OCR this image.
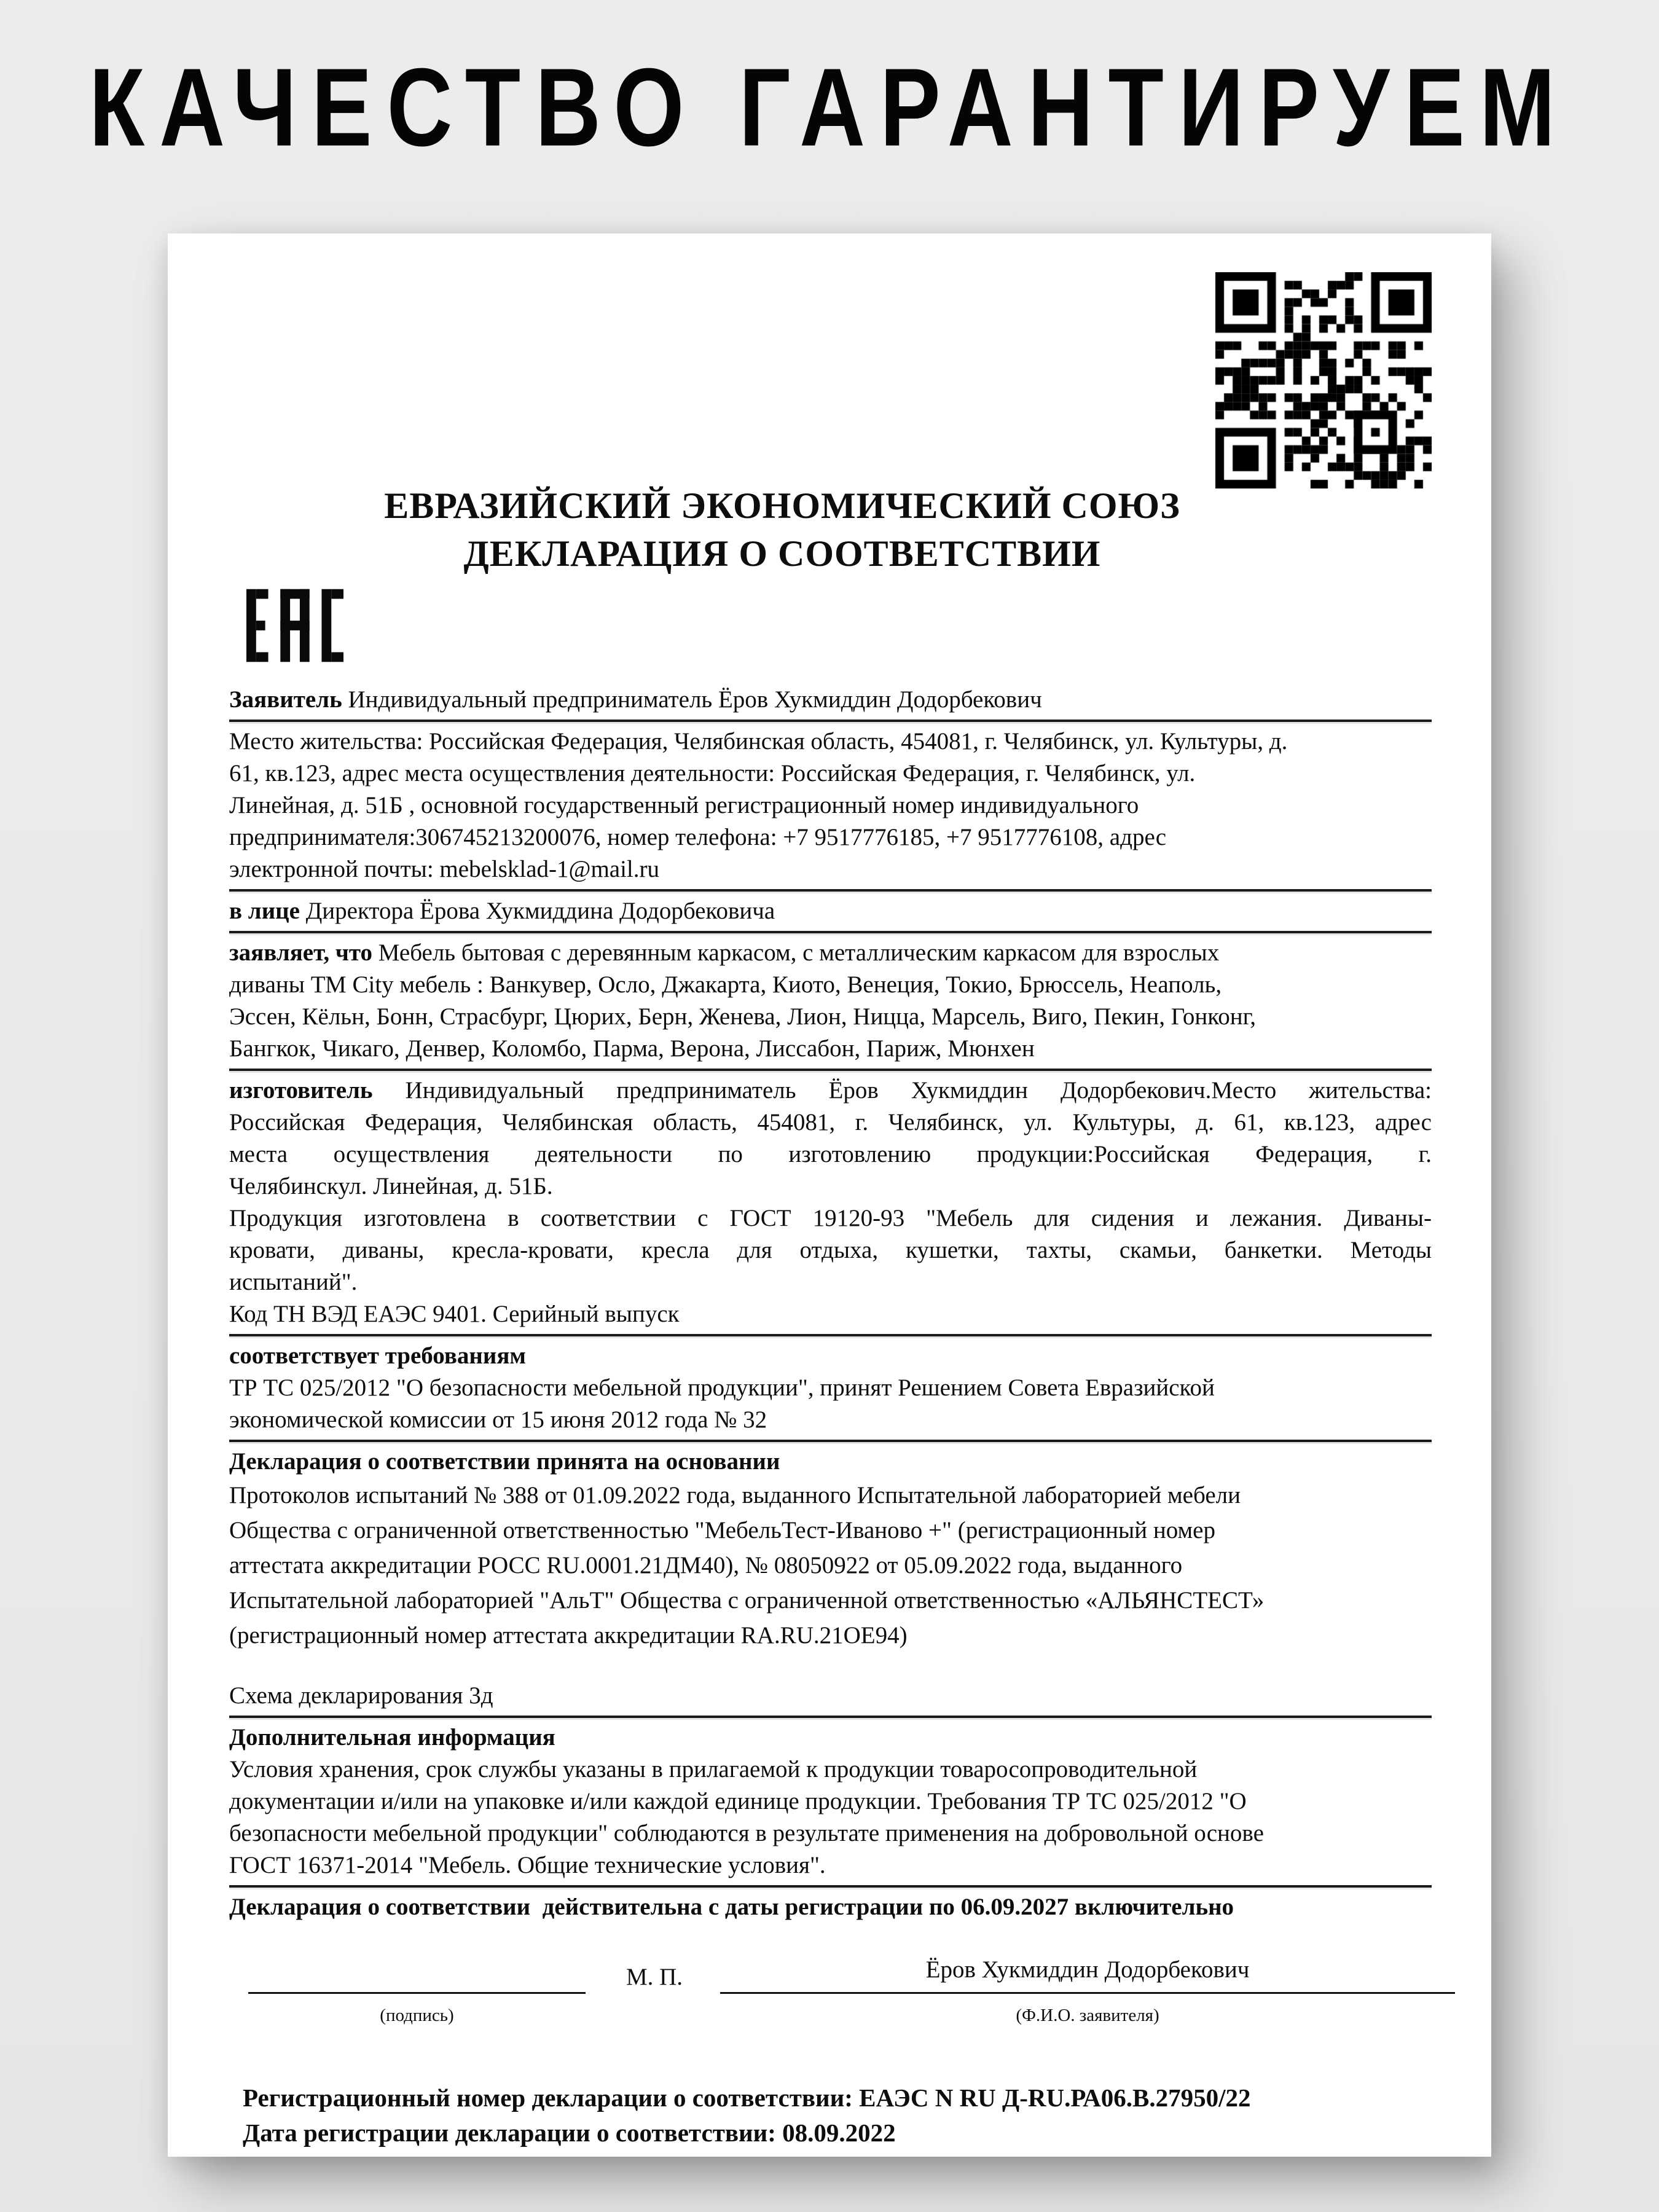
КАЧЕСТВО ГАРАНТИРУЕМ
ЕВРАЗИЙСКИЙ ЭКОНОМИЧЕСКИЙ СОЮЗ
ДЕКЛАРАЦИЯ О СООТВЕТСТВИИ
Заявитель Индивидуальный предприниматель Ёров Хукмиддин Додорбекович
Место жительства: Российская Федерация, Челябинская область, 454081, г. Челябинск, ул. Культуры, д.
61, кв.123, адрес места осуществления деятельности: Российская Федерация, г. Челябинск, ул.
Линейная, д. 51Б , основной государственный регистрационный номер индивидуального
предпринимателя:306745213200076, номер телефона: +7 9517776185, +7 9517776108, адрес
электронной почты: mebelsklad-1@mail.ru
в лице Директора Ёрова Хукмиддина Додорбековича
заявляет, что Мебель бытовая с деревянным каркасом, с металлическим каркасом для взрослых
диваны ТМ City мебель : Ванкувер, Осло, Джакарта, Киото, Венеция, Токио, Брюссель, Неаполь,
Эссен, Кёльн, Бонн, Страсбург, Цюрих, Берн, Женева, Лион, Ницца, Марсель, Виго, Пекин, Гонконг,
Бангкок, Чикаго, Денвер, Коломбо, Парма, Верона, Лиссабон, Париж, Мюнхен
изготовитель Индивидуальный предприниматель Ёров Хукмиддин Додорбекович.Место жительства:
Российская Федерация, Челябинская область, 454081, г. Челябинск, ул. Культуры, д. 61, кв.123, адрес
места осуществления деятельности по изготовлению продукции:Российская Федерация, г.
Челябинскул. Линейная, д. 51Б.
Продукция изготовлена в соответствии с ГОСТ 19120-93 "Мебель для сидения и лежания. Диваны-
кровати, диваны, кресла-кровати, кресла для отдыха, кушетки, тахты, скамьи, банкетки. Методы
испытаний".
Код ТН ВЭД ЕАЭС 9401. Серийный выпуск
соответствует требованиям
ТР ТС 025/2012 "О безопасности мебельной продукции", принят Решением Совета Евразийской
экономической комиссии от 15 июня 2012 года № 32
Декларация о соответствии принята на основании
Протоколов испытаний № 388 от 01.09.2022 года, выданного Испытательной лабораторией мебели
Общества с ограниченной ответственностью "МебельТест-Иваново +" (регистрационный номер
аттестата аккредитации РОСС RU.0001.21ДМ40), № 08050922 от 05.09.2022 года, выданного
Испытательной лабораторией "АльТ" Общества с ограниченной ответственностью «АЛЬЯНСТЕСТ»
(регистрационный номер аттестата аккредитации RA.RU.21ОЕ94)
Схема декларирования 3д
Дополнительная информация
Условия хранения, срок службы указаны в прилагаемой к продукции товаросопроводительной
документации и/или на упаковке и/или каждой единице продукции. Требования ТР ТС 025/2012 "О
безопасности мебельной продукции" соблюдаются в результате применения на добровольной основе
ГОСТ 16371-2014 "Мебель. Общие технические условия".
Декларация о соответствии  действительна с даты регистрации по 06.09.2027 включительно
Ёров Хукмиддин Додорбекович
М. П.
(подпись)	(Ф.И.О. заявителя)
Регистрационный номер декларации о соответствии: ЕАЭС N RU Д-RU.РА06.В.27950/22
Дата регистрации декларации о соответствии: 08.09.2022
